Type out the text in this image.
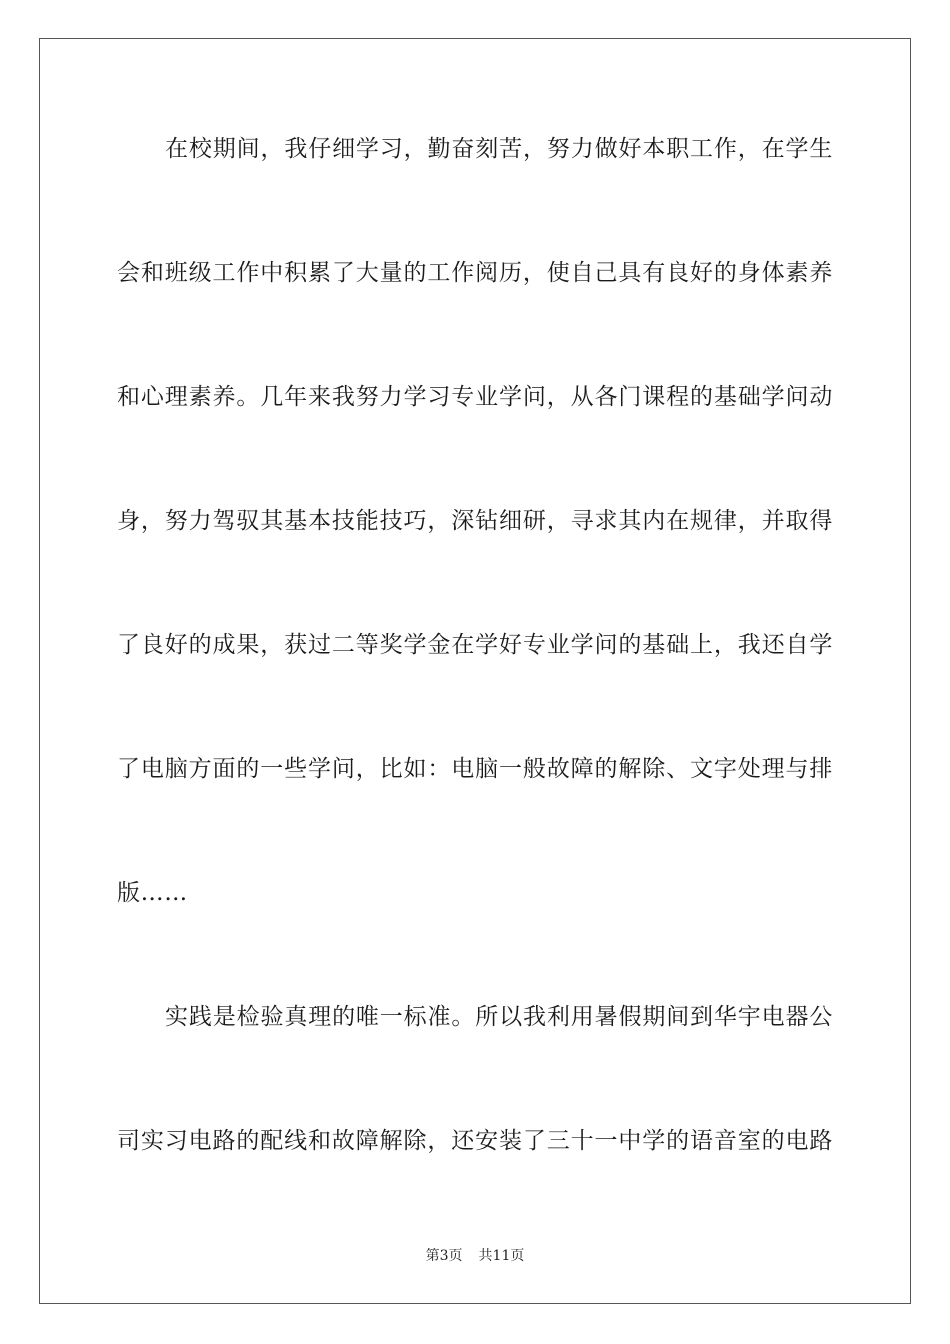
在校期间，我仔细学习，勤奋刻苦，努力做好本职工作，在学生
会和班级工作中积累了大量的工作阅历，使自己具有良好的身体素养
和心理素养。几年来我努力学习专业学问，从各门课程的基础学问动
身，努力驾驭其基本技能技巧，深钻细研，寻求其内在规律，并取得
了良好的成果，获过二等奖学金在学好专业学问的基础上，我还自学
了电脑方面的一些学问，比如：电脑一般故障的解除、文字处理与排
版……
实践是检验真理的唯一标准。所以我利用暑假期间到华宇电器公
司实习电路的配线和故障解除，还安装了三十一中学的语音室的电路
第3页 共11页
